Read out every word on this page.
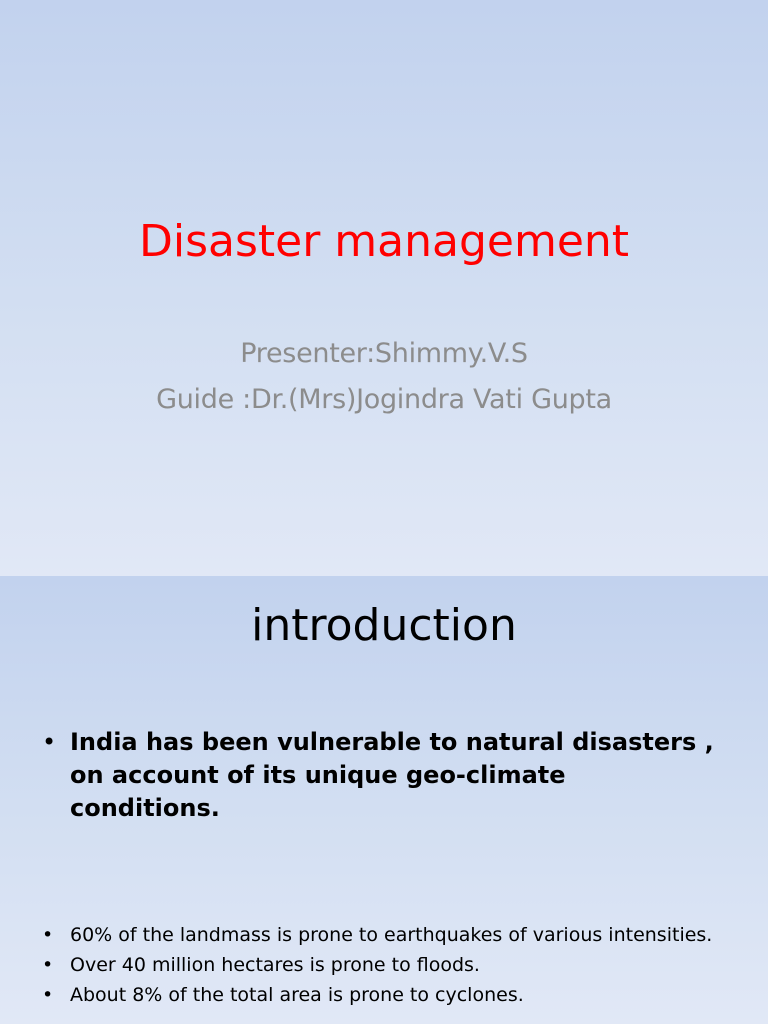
Disaster management
Presenter:Shimmy.V.S
Guide :Dr.(Mrs)Jogindra Vati Gupta
introduction
• India has been vulnerable to natural disasters , on account of its unique geo-climate conditions.
• 60% of the landmass is prone to earthquakes of various intensities.
• Over 40 million hectares is prone to floods.
• About 8% of the total area is prone to cyclones.
